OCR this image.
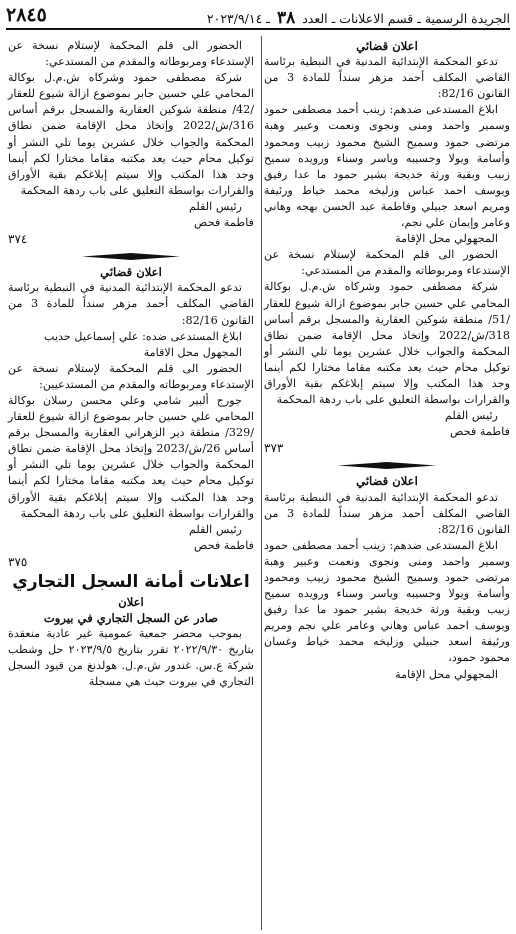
الجريدة الرسمية ـ قسم الاعلانات ـ العدد ٣٨ ـ ٢٠٢٣/٩/١٤
٢٨٤٥

اعلان قضائي

تدعو المحكمة الإبتدائية المدنية في النبطية برئاسة القاضي المكلف أحمد مزهر سنداً للمادة 3 من القانون 82/16:

ابلاغ المستدعى ضدهم: زينب أحمد مصطفى حمود وسمير واحمد ومنى ونجوى ونعمت وعبير وهبة مرتضى حمود وسميح الشيخ محمود زبيب ومحمود وأسامة ويولا وحسيبه وياسر وسناء ورويده سميح زبيب وبقية ورثة خديجة بشير حمود ما عدا رفيق ويوسف احمد عباس وزليخه محمد خياط ورئيفة ومريم اسعد جبيلي وفاطمة عبد الحسن بهجه وهاني وعامر وإيمان علي نجم،

المجهولي محل الإقامة

الحضور الى قلم المحكمة لإستلام نسخة عن الإستدعاء ومربوطاته والمقدم من المستدعي:

شركة مصطفى حمود وشركاه ش.م.ل بوكالة المحامي علي حسين جابر بموضوع ازالة شيوع للعقار /51/ منطقة شوكين العقارية والمسجل برقم أساس 318/ش/2022 وإتخاذ محل الإقامة ضمن نطاق المحكمة والجواب خلال عشرين يوما تلي النشر أو توكيل محام حيث يعد مكتبه مقاما مختارا لكم أينما وجد هذا المكتب وإلا سيتم إبلاغكم بقية الأوراق والقرارات بواسطة التعليق على باب ردهة المحكمة

رئيس القلم

فاطمة فحص

٣٧٣

اعلان قضائي

تدعو المحكمة الإبتدائية المدنية في النبطية برئاسة القاضي المكلف أحمد مزهر سنداً للمادة 3 من القانون 82/16:

ابلاغ المستدعى ضدهم: زينب أحمد مصطفى حمود وسمير واحمد ومنى ونجوى ونعمت وعبير وهبة مرتضى حمود وسميح الشيخ محمود زبيب ومحمود وأسامة ويولا وحسيبه وياسر وسناء ورويده سميح زبيب وبقية ورثة خديجة بشير حمود ما عدا رفيق ويوسف احمد عباس وهاني وعامر علي نجم ومريم ورئيفة اسعد جبيلي وزليخه محمد خياط وغسان محمود حمود،

المجهولي محل الإقامة

الحضور الى قلم المحكمة لإستلام نسخة عن الإستدعاء ومربوطاته والمقدم من المستدعي:

شركة مصطفى حمود وشركاه ش.م.ل بوكالة المحامي علي حسين جابر بموضوع ازالة شيوع للعقار /42/ منطقة شوكين العقارية والمسجل برقم أساس 316/ش/2022 وإتخاذ محل الإقامة ضمن نطاق المحكمة والجواب خلال عشرين يوما تلي النشر أو توكيل محام حيث يعد مكتبه مقاما مختارا لكم أينما وجد هذا المكتب وإلا سيتم إبلاغكم بقية الأوراق والقرارات بواسطة التعليق على باب ردهة المحكمة

رئيس القلم

فاطمة فحص

٣٧٤

اعلان قضائي

تدعو المحكمة الإبتدائية المدنية في النبطية برئاسة القاضي المكلف أحمد مزهر سنداً للمادة 3 من القانون 82/16:

ابلاغ المستدعى ضده: علي إسماعيل حديب

المجهول محل الاقامة

الحضور الى قلم المحكمة لإستلام نسخة عن الإستدعاء ومربوطاته والمقدم من المستدعيين:

جورج ألبير شامي وعلي محسن رسلان بوكالة المحامي علي حسين جابر بموضوع ازالة شيوع للعقار /329/ منطقة دير الزهراني العقارية والمسجل برقم أساس 26/ش/2023 وإتخاذ محل الإقامة ضمن نطاق المحكمة والجواب خلال عشرين يوما تلي النشر أو توكيل محام حيث يعد مكتبه مقاما مختارا لكم أينما وجد هذا المكتب وإلا سيتم إبلاغكم بقية الأوراق والقرارات بواسطة التعليق على باب ردهة المحكمة

رئيس القلم

فاطمة فحص

٣٧٥

اعلانات أمانة السجل التجاري

اعلان

صادر عن السجل التجاري في بيروت

بموجب محضر جمعية عمومية غير عادية منعقدة بتاريخ ٢٠٢٢/٩/٣٠ تقرر بتاريخ ٢٠٢٣/٩/٥ حل وشطب شركة ع.س. غندور ش.م.ل. هولدنغ من قيود السجل التجاري في بيروت حيث هي مسجلة
